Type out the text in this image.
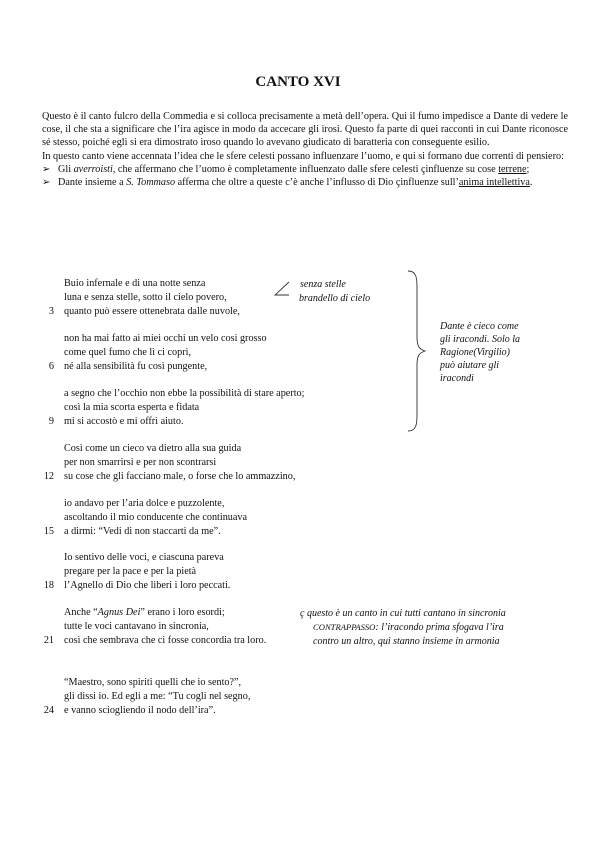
CANTO XVI

Questo è il canto fulcro della Commedia e si colloca precisamente a metà dell’opera. Qui il fumo impedisce a Dante di vedere le cose, il che sta a significare che l’ira agisce in modo da accecare gli irosi. Questo fa parte di quei racconti in cui Dante riconosce sé stesso, poiché egli si era dimostrato iroso quando lo avevano giudicato di baratteria con conseguente esilio.

In questo canto viene accennata l’idea che le sfere celesti possano influenzare l’uomo, e qui si formano due correnti di pensiero:

➢ Gli averroisti, che affermano che l’uomo è completamente influenzato dalle sfere celesti çinfluenze su cose terrene;

➢ Dante insieme a S. Tommaso afferma che oltre a queste c’è anche l’influsso di Dio çinfluenze sull’anima intellettiva.

Buio infernale e di una notte senza
luna e senza stelle, sotto il cielo povero,
quanto può essere ottenebrata dalle nuvole,
3
non ha mai fatto ai miei occhi un velo così grosso
come quel fumo che lì ci coprì,
né alla sensibilità fu così pungente,
6
a segno che l’occhio non ebbe la possibilità di stare aperto;
così la mia scorta esperta e fidata
mi si accostò e mi offrì aiuto.
9
Così come un cieco va dietro alla sua guida
per non smarrirsi e per non scontrarsi
su cose che gli facciano male, o forse che lo ammazzino,
12
io andavo per l’aria dolce e puzzolente,
ascoltando il mio conducente che continuava
a dirmi: “Vedi di non staccarti da me”.
15
Io sentivo delle voci, e ciascuna pareva
pregare per la pace e per la pietà
l’Agnello di Dio che liberi i loro peccati.
18
Anche “Agnus Dei” erano i loro esordi;
tutte le voci cantavano in sincronia,
così che sembrava che ci fosse concordia tra loro.
21
“Maestro, sono spiriti quelli che io sento?”,
gli dissi io. Ed egli a me: “Tu cogli nel segno,
e vanno sciogliendo il nodo dell’ira”.
24
senza stelle
brandello di cielo
Dante è cieco come
gli iracondi. Solo la
Ragione(Virgilio)
può aiutare gli
iracondi
ç questo è un canto in cui tutti cantano in sincronia
CONTRAPPASSO: l’iracondo prima sfogava l’ira
contro un altro, qui stanno insieme in armonia
